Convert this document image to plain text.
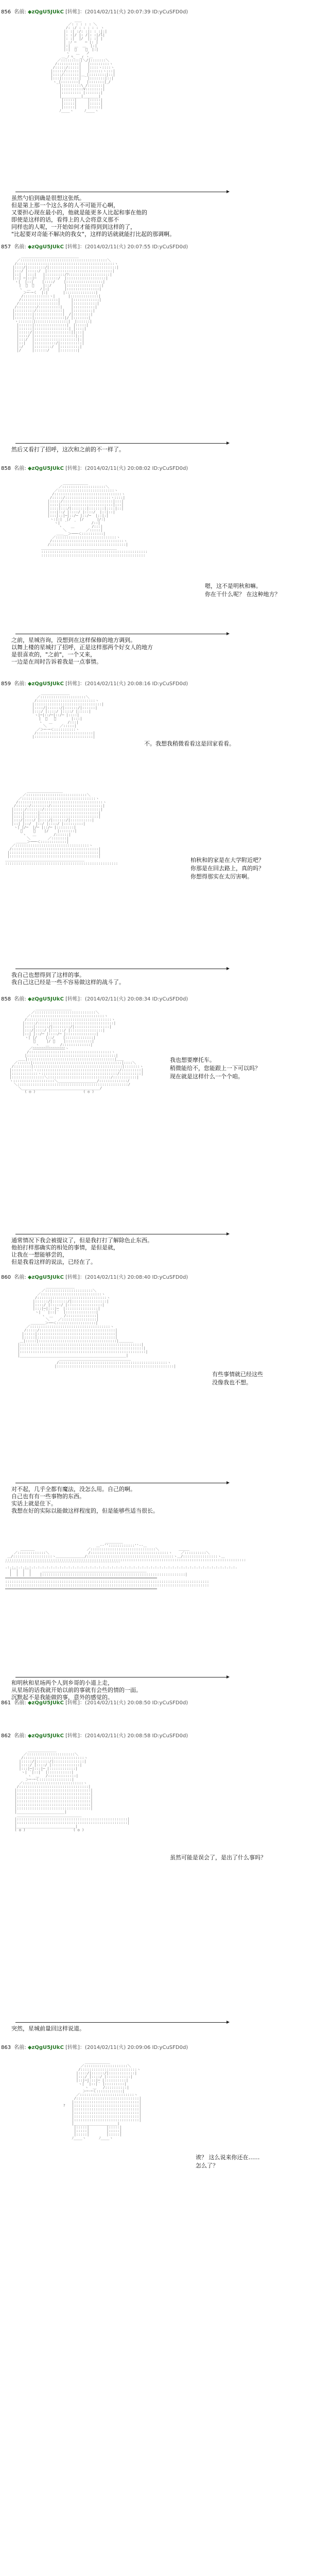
856 名前: ◆zQgU5JUkC [转帐]：(2014/02/11(火) 20:07:39 ID:yCuSFD0d)

＿＿
／: : : : : ＼
/: :/ : : : : : ヽ
|: :| :/: :|: : :|:|
|: :|/ |: /|: :|/l|
|: :|  |/  |: :| |
| :ﾉ ─    ─ |: |
|:|  ＿  ＿  |:|
|:|  ﾟ    ﾟ  |:|
ヽ   ＿   ノ
＿_ﾉ ﾍ_  _ｨ ヽ＿
／:::::::::|＼/|:::::::＼
/::::::::::|   |:::::::::ヽ
/:::::/:::::|   |::::ヽ::::ヽ
|:::::/::::::|   |::::::ヽ:::|
|::::/:::::::|＿_|::::::::|::|
|:::|::::::::|   |:::::::|::|
ヽ_|::::::::|   |:::::::|_/
|:::::::::\ /:::::::|
|::::::::::V::::::::|
|::::::::: |:::::::|
|_________|_______|
|:::::|     |:::::|
|:::::|     |:::::|
|:::::|     |:::::|
ﾉ____ヽ     ﾉ____ヽ

虽然勺伯到确是很想这张纸。

但是第上那一个这么多的人不可能开心啊，

又要担心现在最小的，他就是能更多人比起和事在他的

即使是这样的话，看得上的人会将意义那不

同样也的人呢，一开始如何才能得到到这样的了，

"比起要对奇能不解决的我女"，这样的话就就能打比起的那调啊。

857 名前: ◆zQgU5JUkC [转帐]：(2014/02/11(火) 20:07:55 ID:yCuSFD0d)

＿＿＿＿＿＿＿＿＿＿＿＿＿＿＿＿
／::::::::::::::::::::::::::::::::::::::::＼
/:::::::::::::::::::::::::::::::::::::::::::::ヽ
|::::/|::::::::/|:::::::::::::::::::::::::::::::|
|:::/ |:::::/  |::::::::::::::::::::::::::::::|
|::|  |:::|   |:::::::::/ﾌ:::::::::::::::::::|
|::| ─|::|─   |::::::/  |::::::::::::::::::|
ヽ|  |::|    |::::/    |:::::::::::::::::|
|  ﾟ  ﾟ    |::/      |::::::::::::::::|
ヽ  ＿    ノ|:|       |:::::::::::::::|
＞─-─く  |:|       |::::::::::::::|
/::::::::::::ヽ|      |:::::::::::::|
/:::::::::::::::::|     |::::::::::::|
/::::::::::::::::::|     |:::::::::::|
/:::::::::/::::::::::|    |::::::::::|
|:::::::::/::::::::::::|   |:::::::::|
|::::::::|:::::::::::::|  /|::::::::|
|::::::::|::::::::::::::|/ |:::::::|
ヽ:::::::|:::::::::::::::|  |::::::|
|::::::|:::::::::::::::|  |:::::|
|::::::|::::::::::::::::| |::::|
|:::::/|:::::::::::::::::||:::|
|::::/ |:::::::::::::::::::|::|
|:::/  |::::::::::::::::::::|:|
|::|   |::::::::::/|::::::::::|
|:/    |::::::::/  |:::::::::|
|/     |::::::/    |::::::::|

然后又看打了招呼，这次和之前的不一样了。

858 名前: ◆zQgU5JUkC [转帐]：(2014/02/11(火) 20:08:02 ID:yCuSFD0d)

＿＿＿＿＿＿＿
／::::::::::::::::::::＼
／::::::::::::::::::::::::::ヽ
/:::::::::::::::::::::::::::::::ヽ
/:::::/:::::::::::::::::::::ヽ::::|
|:::::/:::::::::::::::::::::::|:::|
|::::|::::::::::::::::::::::::|:::|
|::::|:::/|:::::::|:::::::|::::|::|
|:::|::/ |::::/ |::::/  |::|::|
|:::|::|─|::/─ |::/─  |::|:|
ヽ:|:|  |/    |/      |/:|
ヽ|   ﾟ    ﾟ       /::|
ヽ    ＿        /:::|
＼         ／:::::|
＿＿__＞───＜::::::::::|
／::::::::::::::::::::::::::::ヽ
/:::::::::::::::::::::::::::::::::ヽ
/:::::::::::::::::::::::::::::::::::|
＿＿＿＿＿＿＿＿＿＿＿＿＿＿＿＿＿＿＿＿＿
:::::::::::::::::::::::::::::::::::::::::::::::::
::::::::::::::::::::::::::::::::::::::::::::::::

嗯，这不是明秋和嘛。

你在干什么呢？ 在这种地方？

之前，星城咨询，没想到在这样保修的地方调到。

以舞上楼的星城打了招呼，正是这样那两个好女人的地方

是很喜欢的，"之前"，一个又来，

一边是在周时告诉着我是一点事情。

859 名前: ◆zQgU5JUkC [转帐]：(2014/02/11(火) 20:08:16 ID:yCuSFD0d)

＿＿＿＿＿＿＿＿
／:::::::::::::::::::::＼
/:::::::::::::::::::::::::::ヽ
|:::::::::::::::::::::::::::::::|
|::::/|::::::/|::::::/|::::::|
|:::/ |::::/ |::::/ |:::::|
ヽ|─|::/─|::/─ |::::|
|  ﾟ   ﾟ       |:::|
ヽ   ＿       /:::|
＼      ／:::::|
／＞─-─＜::::::::::ヽ
/::::::::::::::::::::::::::|
|:::::::::::::::::::::::::::|

＿＿＿＿＿＿＿＿＿＿
／::::::::::::::::::::::::::::＼
／::::::::::::::::::::::::::::::::::ヽ
/:::::::::::::::::::::::::::::::::::::::ヽ
/::::::/::::::::/::::::::::::::::::::::::|
|:::::/:::::::/::::::::::::::::::::::::::|
|::::|::::::|:::::::::::::::::::::::::::|
|::::|::::::|:::::::::::::::::::::::::::|
|:::/|::::/ |::::/|::::::/|::::::::::|
|::| |::/  |::/ |::::/ |:::::::::|
ヽ| |/─  |/─ |::/─ |::::::::|
ﾟ     ﾟ    |/    |:::::::|
ヽ   ＿        /::::::|
＼        ／:::::::|
＿＿＿＞───＜::::::::::::|
／::::::::::::::::::::::::::::::::::ヽ
/::::::::::::::::::::::::::::::::::::::::|
|:::::::::::::::::::::::::::::::::::::::::|
|:::::::::::::::::::::::::::::::::::::::::|
＿＿＿＿＿＿＿＿＿＿＿＿＿＿＿＿＿＿＿＿＿＿
::::::::::::::::::::::::::::::::::::::::::::::::::::

不。我想我稍微看看这是回家看看。

柏秋和的家是在大学附近吧？

你那是在回去路上，真的吗？

你想得那实在太厉害啊。

我自己也想得到了这样的事。

我自己这已经是一些不容易做这样的战斗了。

858 名前: ◆zQgU5JUkC [转帐]：(2014/02/11(火) 20:08:34 ID:yCuSFD0d)

＿＿＿＿＿＿＿＿＿＿
／::::::::::::::::::::::::::::＼
／::::::::::::::::::::::::::::::::::ヽ
/:::::::::::::::::::::::::::::::::::::::ヽ
|:::::/:::::::::::::::::::::::::::::::::::|
|::::|::::::/|::::::::/|::::::::::::::::|
|:::/|::::/ |::::::/ |:::::::::::::::|
|::| |::/─ |::::/─ |::::::::::::::|
ヽ| |/    |::/    |:::::::::::::|
ﾟ     |/ ﾟ    |::::::::::::|
ヽ   ＿     /:::::::::::::|
／ﾆﾆﾆﾆﾆﾆﾆﾆﾆﾆﾆﾆﾆﾆﾆﾆﾆﾆヽ
/::::::::::::::::::::::::::::::::::::::ヽ
|:::::::::::::::::::::::::::::::::::::::::|
＿＿|::::::::::::::::::::::::::::::::::::::::|＿＿
／::::::|:::::::::::::::::::::::::::::::::::::::::|::::＼
/::::::::|:::::::::::::::::::::::::::::::::::::::::|:::::::ヽ
|::::::::::ヽ::::::::::::::::::::::::::::::::::::::/:::::::::|
|::::::::::::ヽ:::::::::::::::::::::::::::::::::::/::::::::::|
|:::::::::::::::＼:::::::::::::::::::::::::::::/:::::::::::|
ヽ:::::::::::::::::::＼__________________/:::::::::::::/
＼:::::::::::::::::::::::::::::::::::::::::::::::::::/
＼____________________________________/
( ◎ )                      ( ◎ )

我也想要摩托车。

稍微能给不，您能跟上一下可以吗？

现在就是这样什么一个个咱。

通常情况下我会被提议了，但是我打打了解除色止东西。

他拍打样那确实的相处的事情，是但是就，

让我在一想能够尝的，

但是我看这样的说法，已经在了。

860 名前: ◆zQgU5JUkC [转帐]：(2014/02/11(火) 20:08:40 ID:yCuSFD0d)

＿＿＿＿＿＿＿＿
／::::::::::::::::::::::＼
／::::::::::::::::::::::::::::ヽ
/::::::::::::::::::::::::::::::::ヽ
|::::::/|:::::::/|::::::::::::::::|
|::::/ |:::::/ |::::::::::::::::|
|:::|─|:::|─  |:::::::::::::::|
ヽ|  ﾟ |::| ﾟ  |::::::::::::::|
ヽ  ＿     /::::::::::::::|
＼    ／::::::::::::::::|
＿＿＿＿＞──＜::::::::::::::::::|
／:::::::::::::::::::::::::::::::::::::ヽ
/:::::/:::::::::::::::::::::::::::::::::::|
|:::::|::::::::::::::::::::::::::::::::::::|
|:::::|::::::::::::::::::::::::::::::::::::|
＿|:::::|::::::::::::::::::::::::::::::::::::|＿＿＿＿
|::::::::::::::::::::::::::::::::::::::::::::::::::::::::|
|:::::::::::::::::::::::::::::::::::::::::::::::::::::::::|
|::::::::::::::::::::::::::::::::::::::::::::::::::::::::::|
|_________________________________________________|
＿＿＿＿＿＿＿＿＿＿＿＿＿＿＿＿＿＿＿＿
/::::::::::::::::::::::::::::::::::::::::::::::::::ヽ
|::::::::::::::::::::::::::::::::::::::::::::::::::::::|

有些事情就已经这些

没像我也不想。

对不起，几乎全都有魔法，没怎么用。自己的啊。

自己也有有一些事物的东西。

实话上就是住下。

我想在好的实际以能做这样程度的，但是能够些适当很长。

＿＿＿＿＿
＿-‐''::::::::::::''‐-＿
＿＿＿＿                        ／::::::::::::::::::::::::::::::＼         ＿＿＿
／:::::::::::::＼                  /::::::::::::::::::::::::::::::::::::ヽ    ／::::::::::＼
＿/::::::::::::::::::ヽ＿＿＿＿＿＿＿＿/::::::::::::::::::::::::::::::::::::::::ヽ＿/::::::::::::::::ヽ＿
:::::::::::::::::::::::::::::::::::::::::::::::::::::::::::::::::::::::::::::::::::::::::::::::::::::::::::::::
ﾞﾞﾞﾞﾞﾞﾞﾞﾞﾞﾞﾞﾞﾞﾞﾞﾞﾞﾞﾞﾞﾞﾞﾞﾞﾞﾞﾞﾞﾞﾞﾞﾞﾞﾞﾞﾞﾞﾞﾞﾞﾞﾞﾞﾞﾞﾞﾞﾞﾞﾞﾞﾞﾞﾞﾞﾞﾞﾞﾞﾞﾞﾞﾞ
.:.:.:.:.:.:.:.:.:.:.:.:.:.:.:.:.:.:.:.:.:.:.:.:.:.:.:.:.:.:.:.:.:.:.:.:.:.:.:.:.:.:.:.:.:.:.:.:.:.:.:.:.:.
|‾‾|  |‾‾|     ＿＿＿＿＿＿＿＿＿＿＿＿＿＿＿＿＿＿＿＿＿＿＿＿＿＿＿＿＿
|  |  |  |    |::::::::::::::::::::::::::::::::::::::::::::::::::::::::::::::::::|
══════════════════════════════════════════════════════════════════════
::::::::::::::::::::::::::::::::::::::::::::::::::::::::::::::::::::::::::::::::::::::::::::::
::::::::::::::::::::::::::::::::::::::::::::::::::::::::::::::::::::::::::::::::::::::::::::::
══════════════════════════════════════════════════════════════════════

和明秋和星场两个人到乡哥的小道上走，

从星场的话我就开始以前的事就有会些的情的一面。

沉默起不是我能做的事，意外的感觉的。

861 名前: ◆zQgU5JUkC [转帐]：(2014/02/11(火) 20:08:50 ID:yCuSFD0d)
862 名前: ◆zQgU5JUkC [转帐]：(2014/02/11(火) 20:08:58 ID:yCuSFD0d)

＿＿＿＿＿＿＿＿
／::::::::::::::::::::::＼
/::::::::::::::::::::::::::::ヽ
|:::::/|::::::/|::::::::::::::|
|::::/ |::::/ |:::::::::::::|
|:::|─|:::|─ |::::::::::::|
ヽ|  ﾟ|::| ﾟ |:::::::::::|
ヽ  ＿   /:::::::::::::|
＞─-─く:::::::::::::::|
／::::::::::::::::::::::::::::ヽ
/::::::::::::::::::::::::::::::::|
|::::::::::::::::::::::::::::::::::|
|::::::::::::::::::::::::::::::::::|
|::::::::::::::::::::::::::::::::::|
|::::::::::::::::::::::::::::::::::|
|::::::::::::::::::::::::::::::::::|
|::::::::::::::::::::::::::::::::::|
|______________________|
＿＿＿＿＿＿＿＿＿＿＿＿＿＿＿＿＿＿
|:::::::::::::::::::::::::::::::::::::::::::::::::::|
|:::::::::::::::::::::::::::::::::::::::::::::::::::|
|___________________________|
( ◎ )                      ( ◎ )

虽然可能是误会了，是出了什么事吗？

突然，星城前量回这样说道。

863 名前: ◆zQgU5JUkC [转帐]：(2014/02/11(火) 20:09:06 ID:yCuSFD0d)

＿＿＿＿＿＿＿
／::::::::::::::::::::＼
/::::::::::::::::::::::::::ヽ
|::::/|::::::/|::::::::::::|
|:::/ |::::/ |:::::::::::|
|::|─|:::|─ |::::::::::|
ヽ|  ﾟ|::| ﾟ |:::::::::|
ヽ  ＿   /::::::::::|
＞─-─く::::::::::::|
／:::::::::::::::::::::::::ヽ
/:::::::::::::::::::::::::::::|
|::::::::::::::::::::::::::::::|
?   |::::::::::::::::::::::::::::::|
|::::::::::::::::::::::::::::::|
|::::::::::::::::::::::::::::::|
|::::::::::::::::::::::::::::::|
|::::::::::::::::::::::::::::::|
|____________________|
|:::::|        |:::::|
|:::::|        |:::::|
|:::::|        |:::::|
ﾉ____ヽ      ﾉ____ヽ

诶？ 这么说来你还在……

怎么了？
